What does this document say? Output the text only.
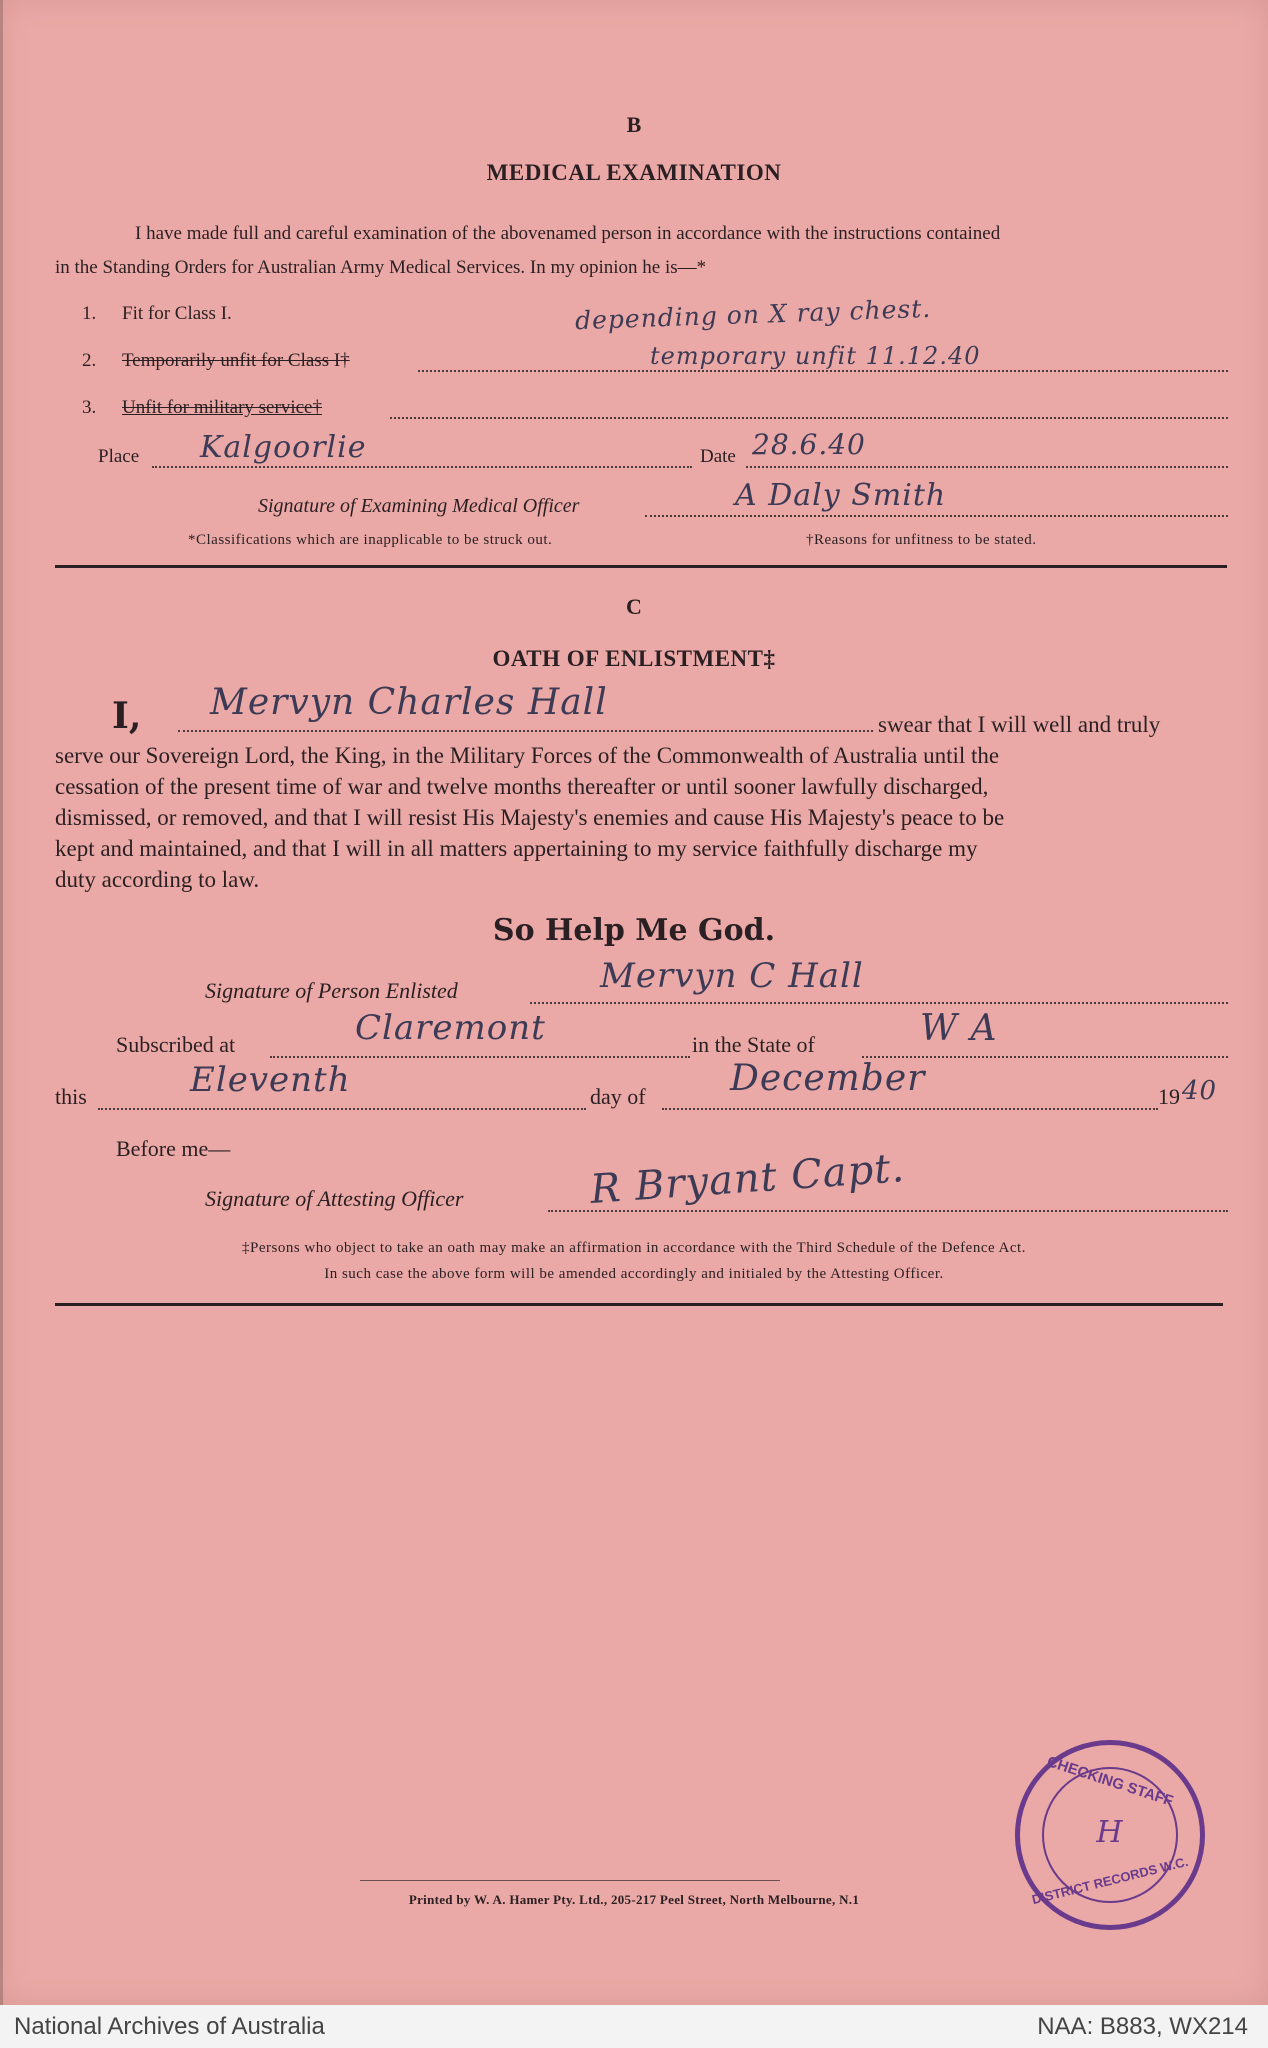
B
MEDICAL EXAMINATION
I have made full and careful examination of the abovenamed person in accordance with the instructions contained
in the Standing Orders for Australian Army Medical Services. In my opinion he is—*
1. Fit for Class I.	depending on X ray chest.
2. Temporarily unfit for Class I†	temporary unfit 11.12.40
3. Unfit for military service†
Place Kalgoorlie	Date 28.6.40
Signature of Examining Medical Officer	A Daly Smith
*Classifications which are inapplicable to be struck out.	†Reasons for unfitness to be stated.
C
OATH OF ENLISTMENT‡
I, Mervyn Charles Hall
swear that I will well and truly
serve our Sovereign Lord, the King, in the Military Forces of the Commonwealth of Australia until the
cessation of the present time of war and twelve months thereafter or until sooner lawfully discharged,
dismissed, or removed, and that I will resist His Majesty's enemies and cause His Majesty's peace to be
kept and maintained, and that I will in all matters appertaining to my service faithfully discharge my
duty according to law.
So Help Me God.
Signature of Person Enlisted	Mervyn C Hall
Subscribed at	Claremont	in the State of	W A
this	Eleventh	day of December	19 40
Before me—
Signature of Attesting Officer	R Bryant Capt.
‡Persons who object to take an oath may make an affirmation in accordance with the Third Schedule of the Defence Act.
In such case the above form will be amended accordingly and initialed by the Attesting Officer.
CHECKING STAFF
H
DISTRICT RECORDS W.C.
Printed by W. A. Hamer Pty. Ltd., 205-217 Peel Street, North Melbourne, N.1
National Archives of Australia	NAA: B883, WX214
